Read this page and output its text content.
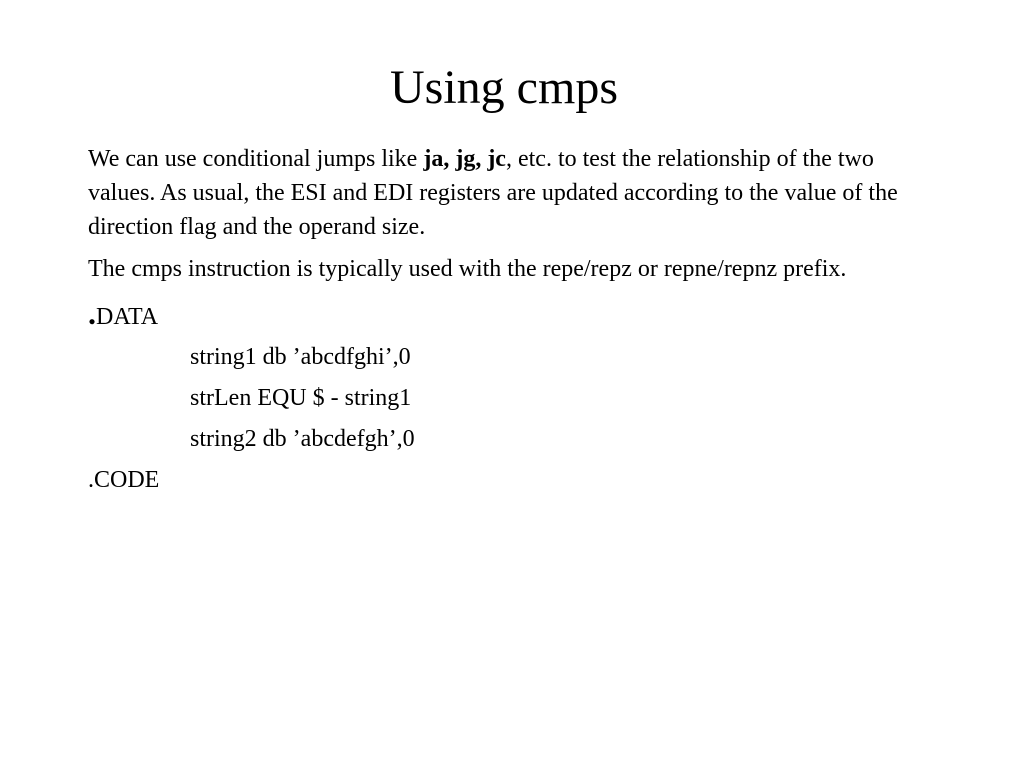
Using cmps

We can use conditional jumps like ja, jg, jc, etc. to test the relationship of the two values. As usual, the ESI and EDI registers are updated according to the value of the direction flag and the operand size.

The cmps instruction is typically used with the repe/repz or repne/repnz prefix.

.DATA
string1 db ’abcdfghi’,0
strLen EQU $ - string1
string2 db ’abcdefgh’,0
.CODE
